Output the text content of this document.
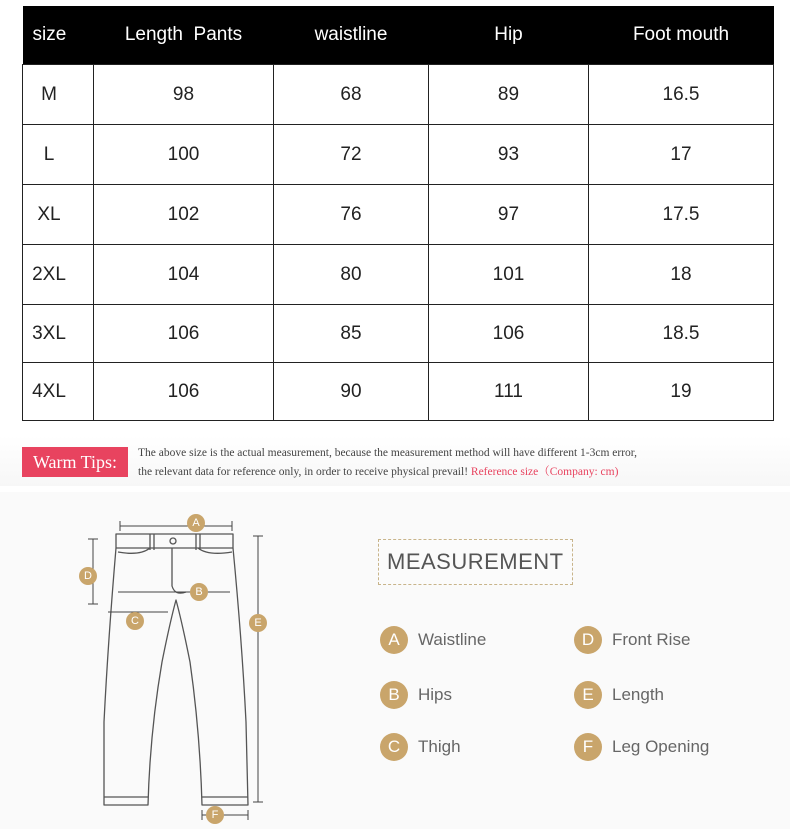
size	Length  Pants	waistline	Hip	Foot mouth
M	98	68	89	16.5
L	100	72	93	17
XL	102	76	97	17.5
2XL	104	80	101	18
3XL	106	85	106	18.5
4XL	106	90	111	19
Warm Tips:	The above size is the actual measurement, because the measurement method will have different 1-3cm error,
the relevant data for reference only, in order to receive physical prevail! Reference size（Company: cm)
A
D
B
C	E
F
MEASUREMENT
A	Waistline
B	Hips
C	Thigh
D	Front Rise
E	Length
F	Leg Opening
